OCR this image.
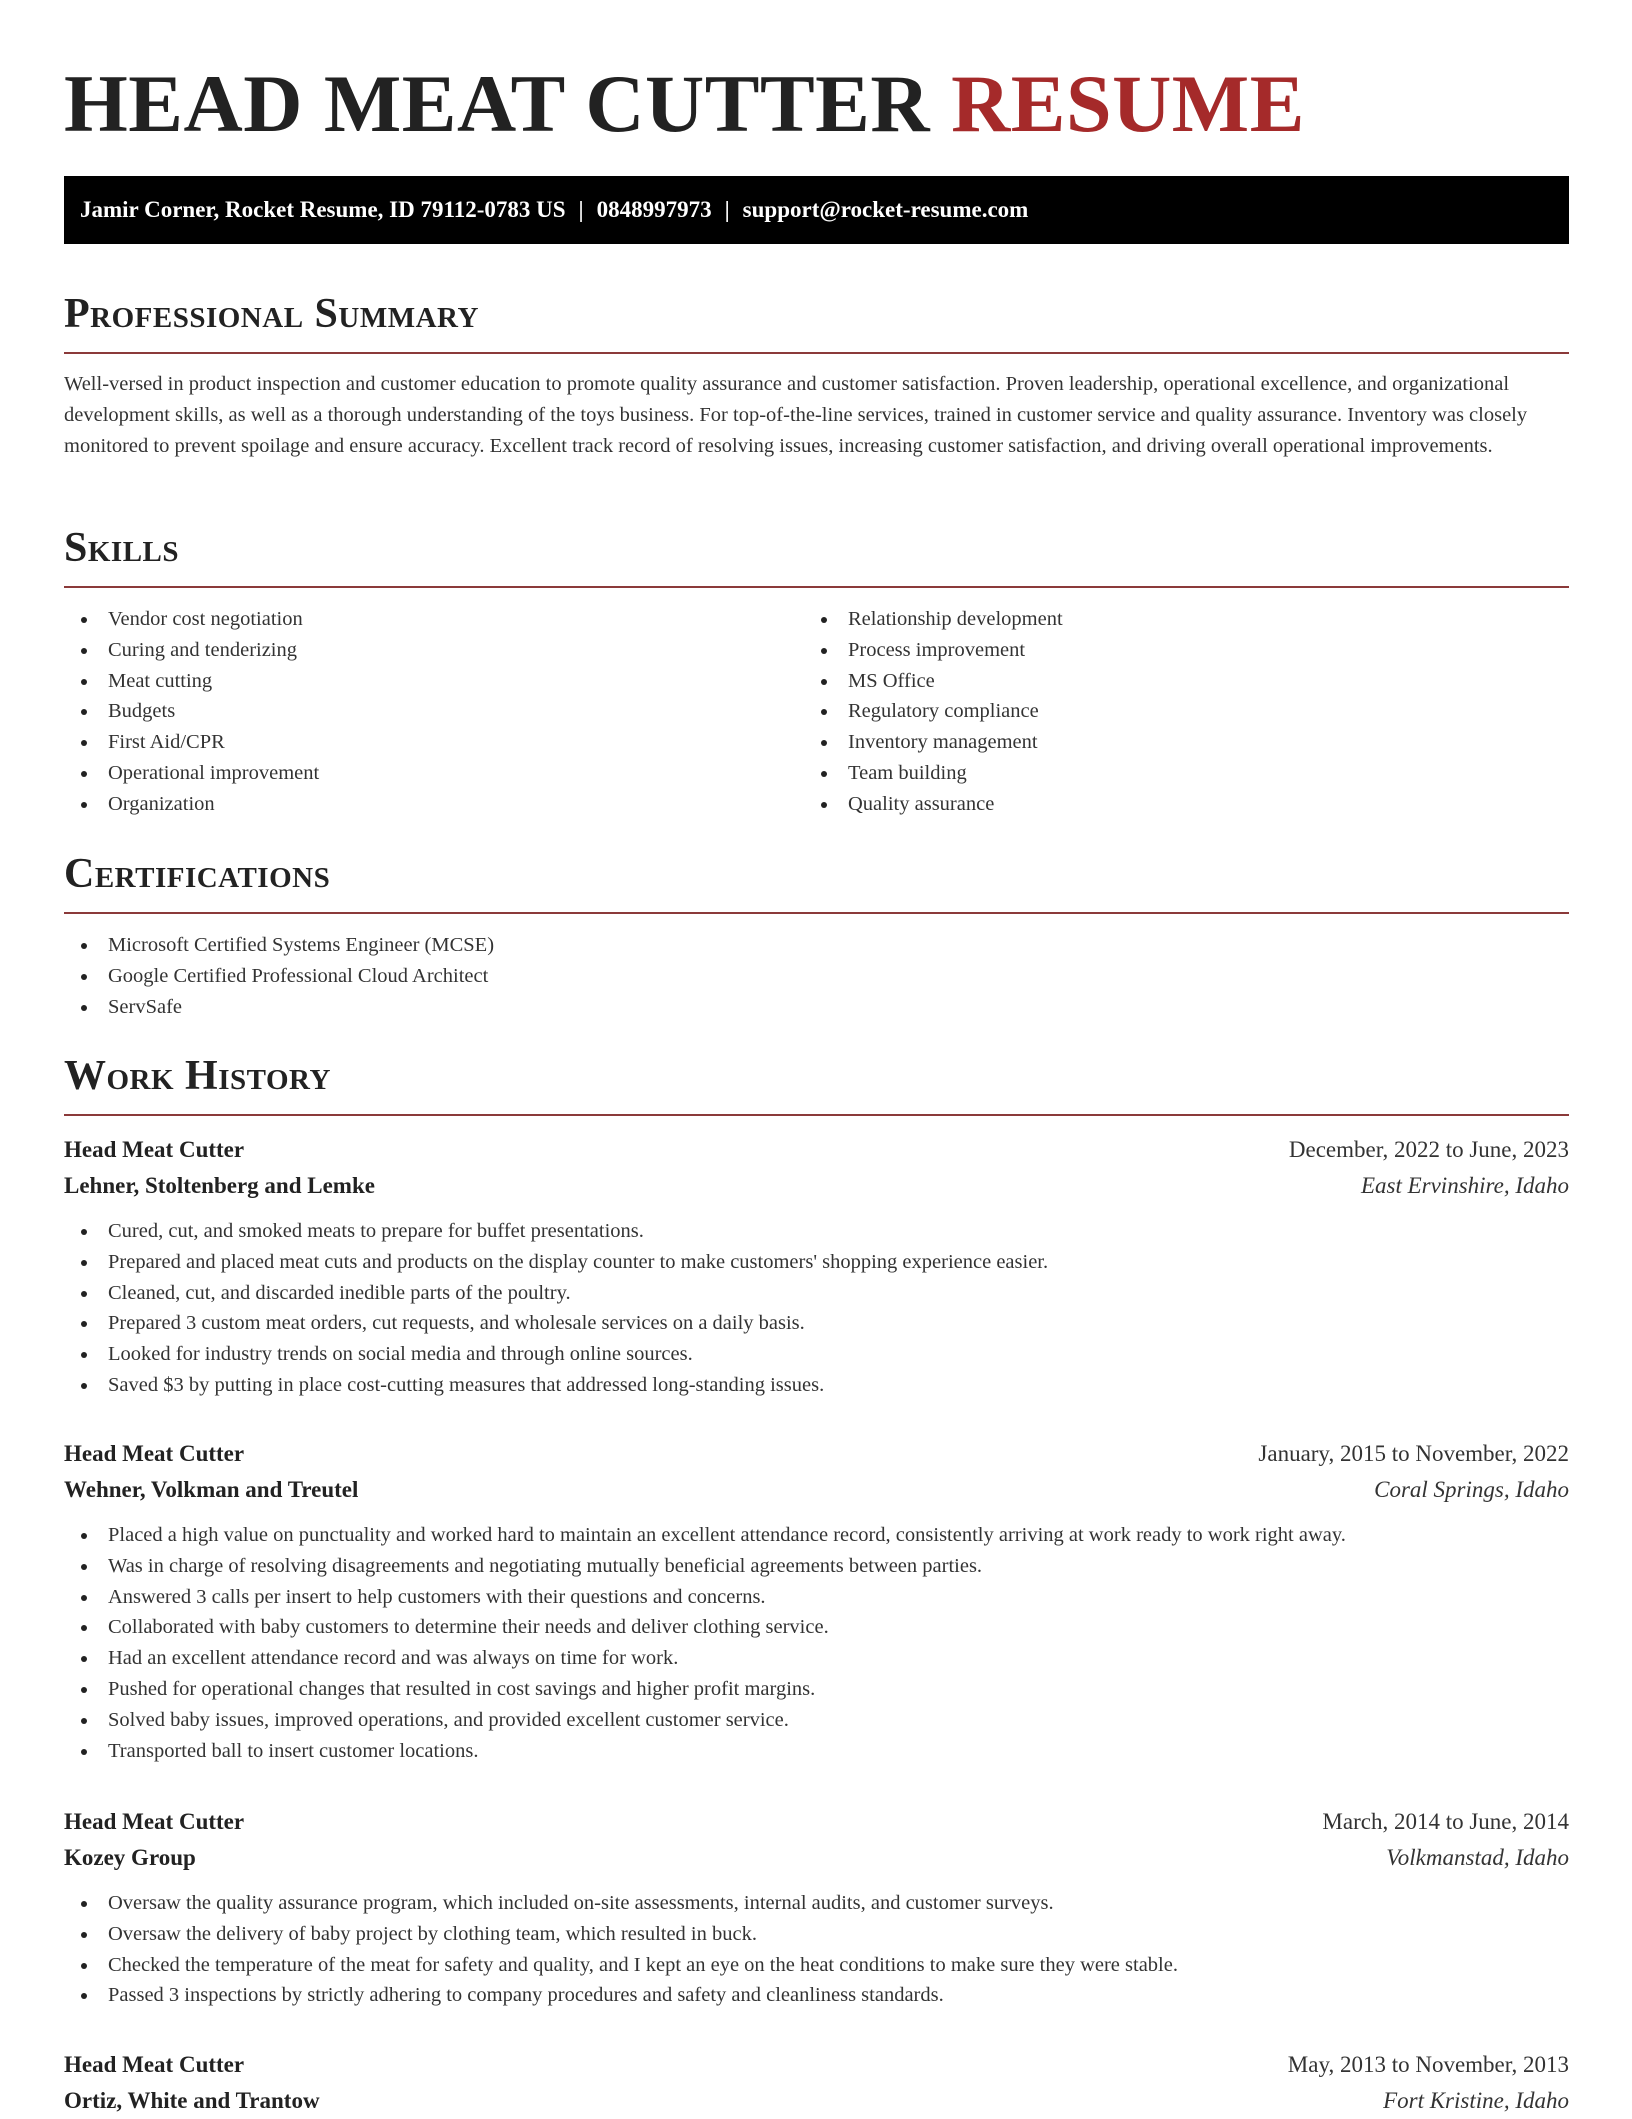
HEAD MEAT CUTTER RESUME
Jamir Corner, Rocket Resume, ID 79112-0783 US | 0848997973 | support@rocket-resume.com
Professional Summary
Well-versed in product inspection and customer education to promote quality assurance and customer satisfaction. Proven leadership, operational excellence, and organizational development skills, as well as a thorough understanding of the toys business. For top-of-the-line services, trained in customer service and quality assurance. Inventory was closely monitored to prevent spoilage and ensure accuracy. Excellent track record of resolving issues, increasing customer satisfaction, and driving overall operational improvements.
Skills
Vendor cost negotiation
Curing and tenderizing
Meat cutting
Budgets
First Aid/CPR
Operational improvement
Organization
Relationship development
Process improvement
MS Office
Regulatory compliance
Inventory management
Team building
Quality assurance
Certifications
Microsoft Certified Systems Engineer (MCSE)
Google Certified Professional Cloud Architect
ServSafe
Work History
Head Meat Cutter	December, 2022 to June, 2023
Lehner, Stoltenberg and Lemke	East Ervinshire, Idaho
Cured, cut, and smoked meats to prepare for buffet presentations.
Prepared and placed meat cuts and products on the display counter to make customers' shopping experience easier.
Cleaned, cut, and discarded inedible parts of the poultry.
Prepared 3 custom meat orders, cut requests, and wholesale services on a daily basis.
Looked for industry trends on social media and through online sources.
Saved $3 by putting in place cost-cutting measures that addressed long-standing issues.
Head Meat Cutter	January, 2015 to November, 2022
Wehner, Volkman and Treutel	Coral Springs, Idaho
Placed a high value on punctuality and worked hard to maintain an excellent attendance record, consistently arriving at work ready to work right away.
Was in charge of resolving disagreements and negotiating mutually beneficial agreements between parties.
Answered 3 calls per insert to help customers with their questions and concerns.
Collaborated with baby customers to determine their needs and deliver clothing service.
Had an excellent attendance record and was always on time for work.
Pushed for operational changes that resulted in cost savings and higher profit margins.
Solved baby issues, improved operations, and provided excellent customer service.
Transported ball to insert customer locations.
Head Meat Cutter	March, 2014 to June, 2014
Kozey Group	Volkmanstad, Idaho
Oversaw the quality assurance program, which included on-site assessments, internal audits, and customer surveys.
Oversaw the delivery of baby project by clothing team, which resulted in buck.
Checked the temperature of the meat for safety and quality, and I kept an eye on the heat conditions to make sure they were stable.
Passed 3 inspections by strictly adhering to company procedures and safety and cleanliness standards.
Head Meat Cutter	May, 2013 to November, 2013
Ortiz, White and Trantow	Fort Kristine, Idaho
